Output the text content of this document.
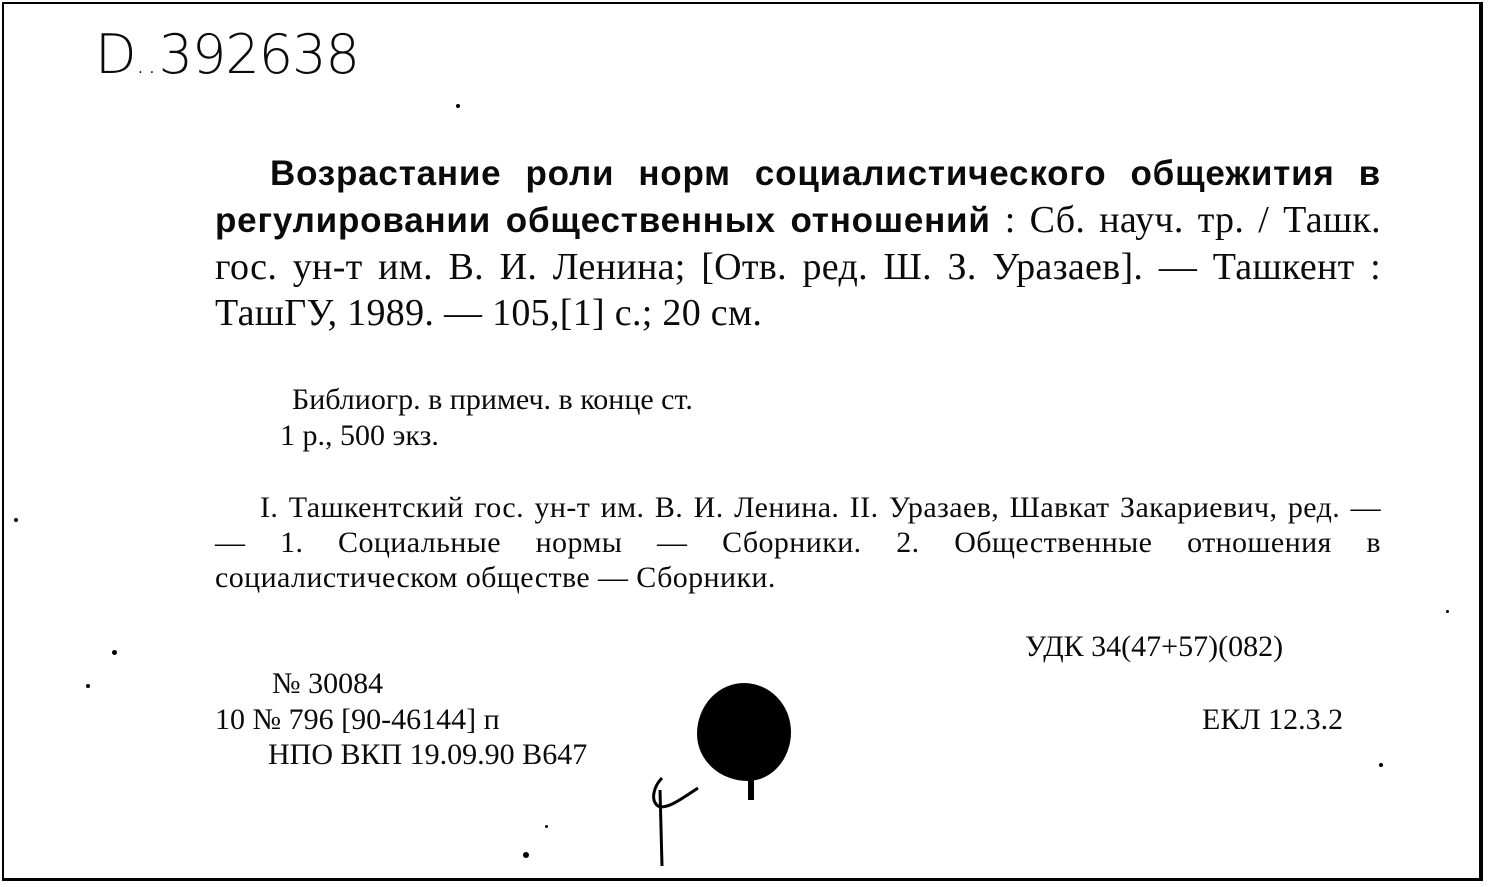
D..392638
Возрастание роли норм социалистического общежития в регулировании общественных отношений : Сб. науч. тр. / Ташк. гос. ун-т им. В. И. Ленина; [Отв. ред. Ш. З. Уразаев]. — Ташкент : ТашГУ, 1989. — 105,[1] с.; 20 см.
Библиогр. в примеч. в конце ст.
1 р., 500 экз.
I. Ташкентский гос. ун-т им. В. И. Ленина. II. Уразаев, Шавкат Закариевич, ред. — — 1. Социальные нормы — Сборники. 2. Общественные отношения в социалистическом обществе — Сборники.
УДК 34(47+57)(082)
ЕКЛ 12.3.2
№ 30084
10 № 796 [90-46144] п
НПО ВКП 19.09.90 В647
